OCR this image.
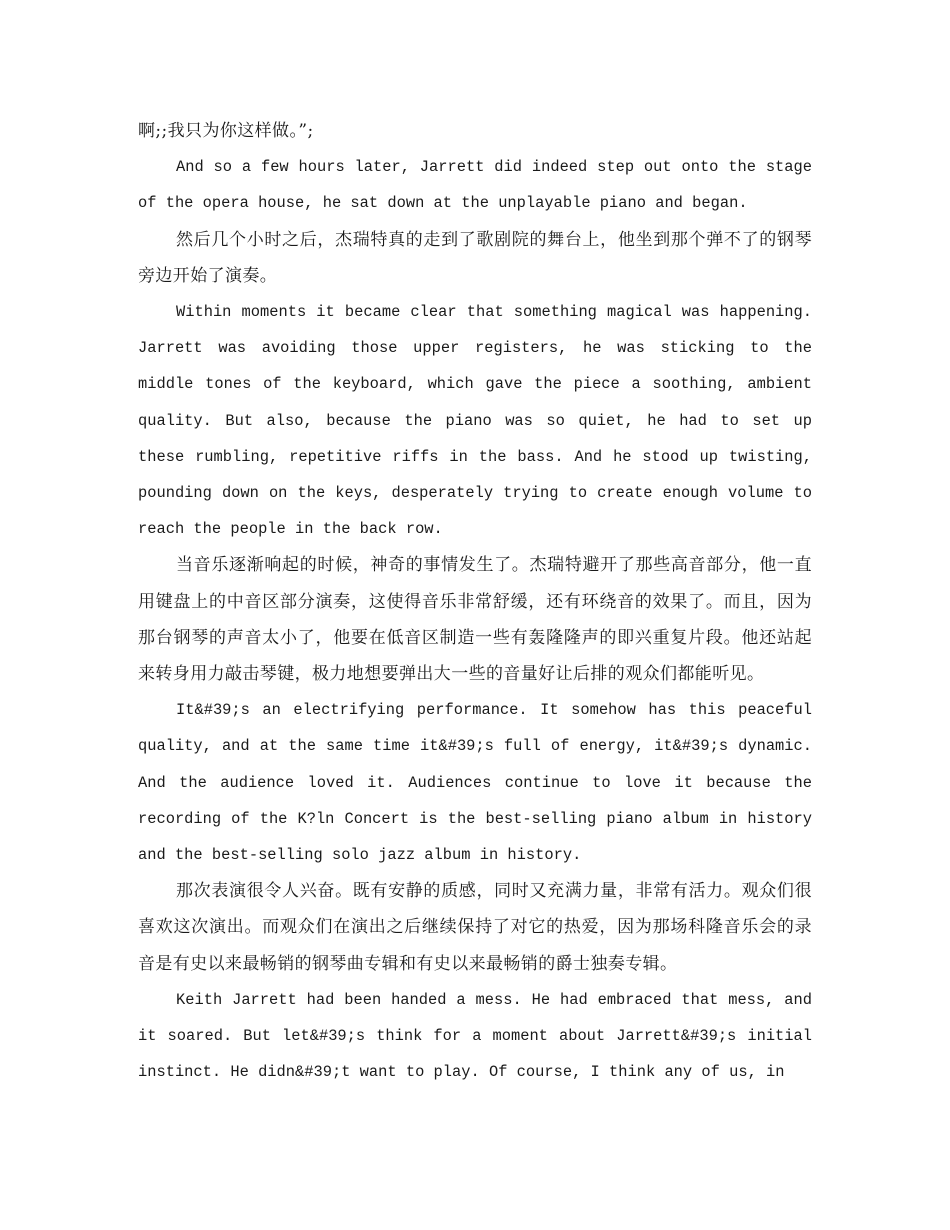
啊;;我只为你这样做。”;

And so a few hours later, Jarrett did indeed step out onto the stage of the opera house, he sat down at the unplayable piano and began.

然后几个小时之后，杰瑞特真的走到了歌剧院的舞台上，他坐到那个弹不了的钢琴旁边开始了演奏。

Within moments it became clear that something magical was happening. Jarrett was avoiding those upper registers, he was sticking to the middle tones of the keyboard, which gave the piece a soothing, ambient quality. But also, because the piano was so quiet, he had to set up these rumbling, repetitive riffs in the bass. And he stood up twisting, pounding down on the keys, desperately trying to create enough volume to reach the people in the back row.

当音乐逐渐响起的时候，神奇的事情发生了。杰瑞特避开了那些高音部分，他一直用键盘上的中音区部分演奏，这使得音乐非常舒缓，还有环绕音的效果了。而且，因为那台钢琴的声音太小了，他要在低音区制造一些有轰隆隆声的即兴重复片段。他还站起来转身用力敲击琴键，极力地想要弹出大一些的音量好让后排的观众们都能听见。

It&#39;s an electrifying performance. It somehow has this peaceful quality, and at the same time it&#39;s full of energy, it&#39;s dynamic. And the audience loved it. Audiences continue to love it because the recording of the K?ln Concert is the best-selling piano album in history and the best-selling solo jazz album in history.

那次表演很令人兴奋。既有安静的质感，同时又充满力量，非常有活力。观众们很喜欢这次演出。而观众们在演出之后继续保持了对它的热爱，因为那场科隆音乐会的录音是有史以来最畅销的钢琴曲专辑和有史以来最畅销的爵士独奏专辑。

Keith Jarrett had been handed a mess. He had embraced that mess, and it soared. But let&#39;s think for a moment about Jarrett&#39;s initial instinct. He didn&#39;t want to play. Of course, I think any of us, in
